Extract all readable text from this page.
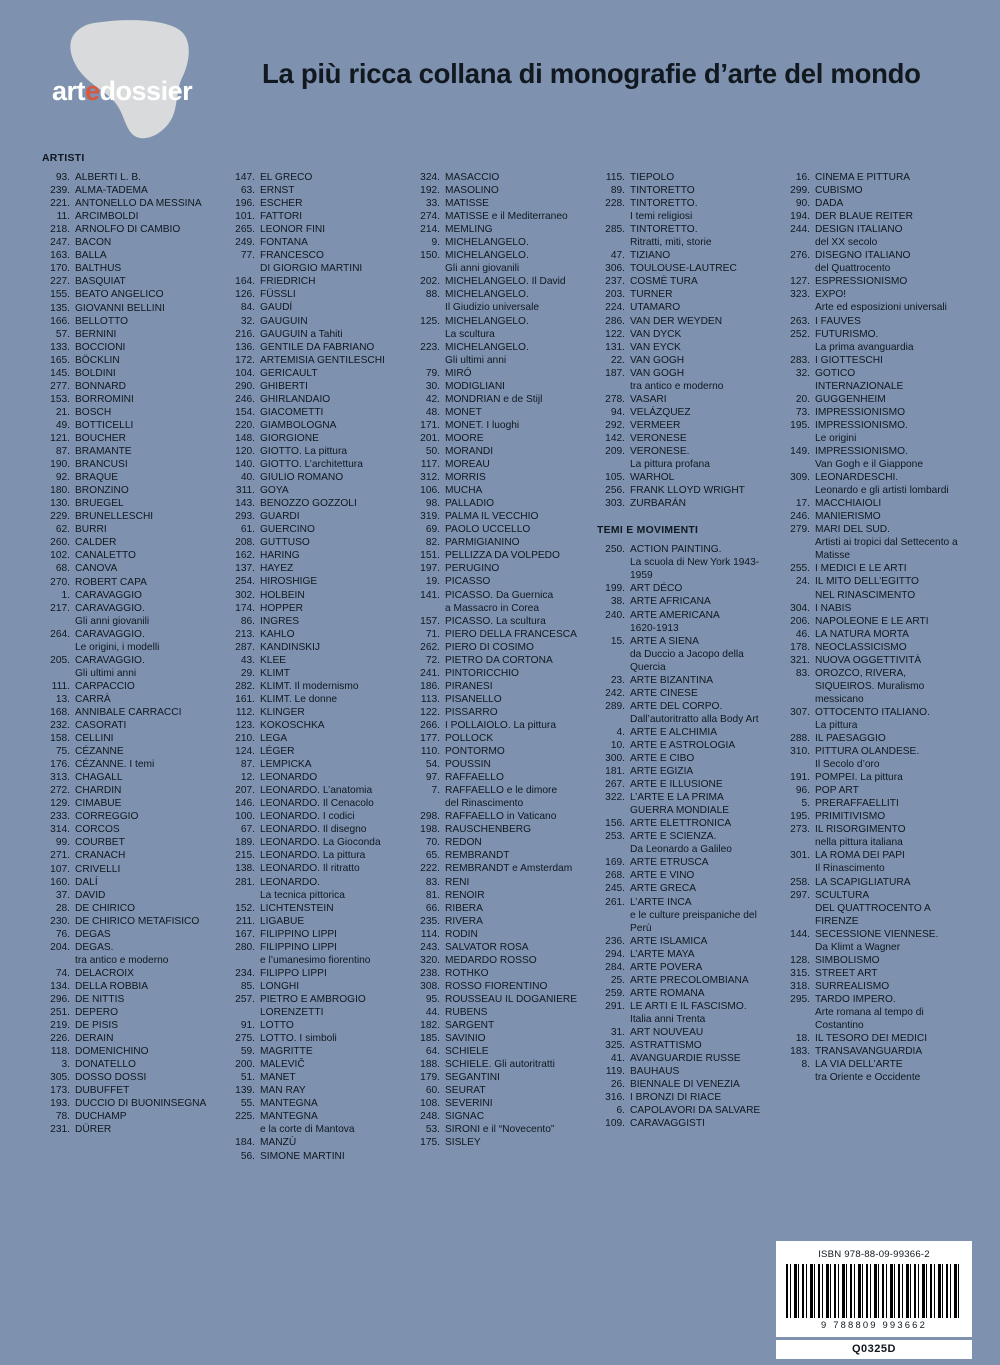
artedossier
La più ricca collana di monografie d’arte del mondo
ARTISTI
93. ALBERTI L. B.
239. ALMA-TADEMA
221. ANTONELLO DA MESSINA
11. ARCIMBOLDI
218. ARNOLFO DI CAMBIO
247. BACON
163. BALLA
170. BALTHUS
227. BASQUIAT
155. BEATO ANGELICO
135. GIOVANNI BELLINI
166. BELLOTTO
57. BERNINI
133. BOCCIONI
165. BÖCKLIN
145. BOLDINI
277. BONNARD
153. BORROMINI
21. BOSCH
49. BOTTICELLI
121. BOUCHER
87. BRAMANTE
190. BRANCUSI
92. BRAQUE
180. BRONZINO
130. BRUEGEL
229. BRUNELLESCHI
62. BURRI
260. CALDER
102. CANALETTO
68. CANOVA
270. ROBERT CAPA
1. CARAVAGGIO
217. CARAVAGGIO.
Gli anni giovanili
264. CARAVAGGIO.
Le origini, i modelli
205. CARAVAGGIO.
Gli ultimi anni
111. CARPACCIO
13. CARRÀ
168. ANNIBALE CARRACCI
232. CASORATI
158. CELLINI
75. CÉZANNE
176. CÉZANNE. I temi
313. CHAGALL
272. CHARDIN
129. CIMABUE
233. CORREGGIO
314. CORCOS
99. COURBET
271. CRANACH
107. CRIVELLI
160. DALÍ
37. DAVID
28. DE CHIRICO
230. DE CHIRICO METAFISICO
76. DEGAS
204. DEGAS.
tra antico e moderno
74. DELACROIX
134. DELLA ROBBIA
296. DE NITTIS
251. DEPERO
219. DE PISIS
226. DERAIN
118. DOMENICHINO
3. DONATELLO
305. DOSSO DOSSI
173. DUBUFFET
193. DUCCIO DI BUONINSEGNA
78. DUCHAMP
231. DÜRER
147. EL GRECO
63. ERNST
196. ESCHER
101. FATTORI
265. LEONOR FINI
249. FONTANA
77. FRANCESCO
DI GIORGIO MARTINI
164. FRIEDRICH
126. FÜSSLI
84. GAUDÍ
32. GAUGUIN
216. GAUGUIN a Tahiti
136. GENTILE DA FABRIANO
172. ARTEMISIA GENTILESCHI
104. GERICAULT
290. GHIBERTI
246. GHIRLANDAIO
154. GIACOMETTI
220. GIAMBOLOGNA
148. GIORGIONE
120. GIOTTO. La pittura
140. GIOTTO. L’architettura
40. GIULIO ROMANO
311. GOYA
143. BENOZZO GOZZOLI
293. GUARDI
61. GUERCINO
208. GUTTUSO
162. HARING
137. HAYEZ
254. HIROSHIGE
302. HOLBEIN
174. HOPPER
86. INGRES
213. KAHLO
287. KANDINSKIJ
43. KLEE
29. KLIMT
282. KLIMT. Il modernismo
161. KLIMT. Le donne
112. KLINGER
123. KOKOSCHKA
210. LEGA
124. LÉGER
87. LEMPICKA
12. LEONARDO
207. LEONARDO. L’anatomia
146. LEONARDO. Il Cenacolo
100. LEONARDO. I codici
67. LEONARDO. Il disegno
189. LEONARDO. La Gioconda
215. LEONARDO. La pittura
138. LEONARDO. Il ritratto
281. LEONARDO.
La tecnica pittorica
152. LICHTENSTEIN
211. LIGABUE
167. FILIPPINO LIPPI
280. FILIPPINO LIPPI
e l’umanesimo fiorentino
234. FILIPPO LIPPI
85. LONGHI
257. PIETRO E AMBROGIO
LORENZETTI
91. LOTTO
275. LOTTO. I simboli
59. MAGRITTE
200. MALEVIČ
51. MANET
139. MAN RAY
55. MANTEGNA
225. MANTEGNA
e la corte di Mantova
184. MANZÙ
56. SIMONE MARTINI
324. MASACCIO
192. MASOLINO
33. MATISSE
274. MATISSE e il Mediterraneo
214. MEMLING
9. MICHELANGELO.
150. MICHELANGELO.
Gli anni giovanili
202. MICHELANGELO. Il David
88. MICHELANGELO.
Il Giudizio universale
125. MICHELANGELO.
La scultura
223. MICHELANGELO.
Gli ultimi anni
79. MIRÓ
30. MODIGLIANI
42. MONDRIAN e de Stijl
48. MONET
171. MONET. I luoghi
201. MOORE
50. MORANDI
117. MOREAU
312. MORRIS
106. MUCHA
98. PALLADIO
319. PALMA IL VECCHIO
69. PAOLO UCCELLO
82. PARMIGIANINO
151. PELLIZZA DA VOLPEDO
197. PERUGINO
19. PICASSO
141. PICASSO. Da Guernica
a Massacro in Corea
157. PICASSO. La scultura
71. PIERO DELLA FRANCESCA
262. PIERO DI COSIMO
72. PIETRO DA CORTONA
241. PINTORICCHIO
186. PIRANESI
113. PISANELLO
122. PISSARRO
266. I POLLAIOLO. La pittura
177. POLLOCK
110. PONTORMO
54. POUSSIN
97. RAFFAELLO
7. RAFFAELLO e le dimore
del Rinascimento
298. RAFFAELLO in Vaticano
198. RAUSCHENBERG
70. REDON
65. REMBRANDT
222. REMBRANDT e Amsterdam
83. RENI
81. RENOIR
66. RIBERA
235. RIVERA
114. RODIN
243. SALVATOR ROSA
320. MEDARDO ROSSO
238. ROTHKO
308. ROSSO FIORENTINO
95. ROUSSEAU IL DOGANIERE
44. RUBENS
182. SARGENT
185. SAVINIO
64. SCHIELE
188. SCHIELE. Gli autoritratti
179. SEGANTINI
60. SEURAT
108. SEVERINI
248. SIGNAC
53. SIRONI e il “Novecento”
175. SISLEY
115. TIEPOLO
89. TINTORETTO
228. TINTORETTO.
I temi religiosi
285. TINTORETTO.
Ritratti, miti, storie
47. TIZIANO
306. TOULOUSE-LAUTREC
237. COSMÈ TURA
203. TURNER
224. UTAMARO
286. VAN DER WEYDEN
122. VAN DYCK
131. VAN EYCK
22. VAN GOGH
187. VAN GOGH
tra antico e moderno
278. VASARI
94. VELÁZQUEZ
292. VERMEER
142. VERONESE
209. VERONESE.
La pittura profana
105. WARHOL
256. FRANK LLOYD WRIGHT
303. ZURBARÁN
TEMI E MOVIMENTI
250. ACTION PAINTING.
La scuola di New York 1943-1959
199. ART DÉCO
38. ARTE AFRICANA
240. ARTE AMERICANA
1620-1913
15. ARTE A SIENA
da Duccio a Jacopo della Quercia
23. ARTE BIZANTINA
242. ARTE CINESE
289. ARTE DEL CORPO.
Dall’autoritratto alla Body Art
4. ARTE E ALCHIMIA
10. ARTE E ASTROLOGIA
300. ARTE E CIBO
181. ARTE EGIZIA
267. ARTE E ILLUSIONE
322. L’ARTE E LA PRIMA
GUERRA MONDIALE
156. ARTE ELETTRONICA
253. ARTE E SCIENZA.
Da Leonardo a Galileo
169. ARTE ETRUSCA
268. ARTE E VINO
245. ARTE GRECA
261. L’ARTE INCA
e le culture preispaniche del Perù
236. ARTE ISLAMICA
294. L’ARTE MAYA
284. ARTE POVERA
25. ARTE PRECOLOMBIANA
259. ARTE ROMANA
291. LE ARTI E IL FASCISMO.
Italia anni Trenta
31. ART NOUVEAU
325. ASTRATTISMO
41. AVANGUARDIE RUSSE
119. BAUHAUS
26. BIENNALE DI VENEZIA
316. I BRONZI DI RIACE
6. CAPOLAVORI DA SALVARE
109. CARAVAGGISTI
16. CINEMA E PITTURA
299. CUBISMO
90. DADA
194. DER BLAUE REITER
244. DESIGN ITALIANO
del XX secolo
276. DISEGNO ITALIANO
del Quattrocento
127. ESPRESSIONISMO
323. EXPO!
Arte ed esposizioni universali
263. I FAUVES
252. FUTURISMO.
La prima avanguardia
283. I GIOTTESCHI
32. GOTICO
INTERNAZIONALE
20. GUGGENHEIM
73. IMPRESSIONISMO
195. IMPRESSIONISMO.
Le origini
149. IMPRESSIONISMO.
Van Gogh e il Giappone
309. LEONARDESCHI.
Leonardo e gli artisti lombardi
17. MACCHIAIOLI
246. MANIERISMO
279. MARI DEL SUD.
Artisti ai tropici dal Settecento a Matisse
255. I MEDICI E LE ARTI
24. IL MITO DELL’EGITTO
NEL RINASCIMENTO
304. I NABIS
206. NAPOLEONE E LE ARTI
46. LA NATURA MORTA
178. NEOCLASSICISMO
321. NUOVA OGGETTIVITÀ
83. OROZCO, RIVERA,
SIQUEIROS. Muralismo messicano
307. OTTOCENTO ITALIANO.
La pittura
288. IL PAESAGGIO
310. PITTURA OLANDESE.
Il Secolo d’oro
191. POMPEI. La pittura
96. POP ART
5. PRERAFFAELLITI
195. PRIMITIVISMO
273. IL RISORGIMENTO
nella pittura italiana
301. LA ROMA DEI PAPI
Il Rinascimento
258. LA SCAPIGLIATURA
297. SCULTURA
DEL QUATTROCENTO A FIRENZE
144. SECESSIONE VIENNESE.
Da Klimt a Wagner
128. SIMBOLISMO
315. STREET ART
318. SURREALISMO
295. TARDO IMPERO.
Arte romana al tempo di Costantino
18. IL TESORO DEI MEDICI
183. TRANSAVANGUARDIA
8. LA VIA DELL’ARTE
tra Oriente e Occidente
ISBN 978-88-09-99366-2
9 788809 993662
Q0325D
